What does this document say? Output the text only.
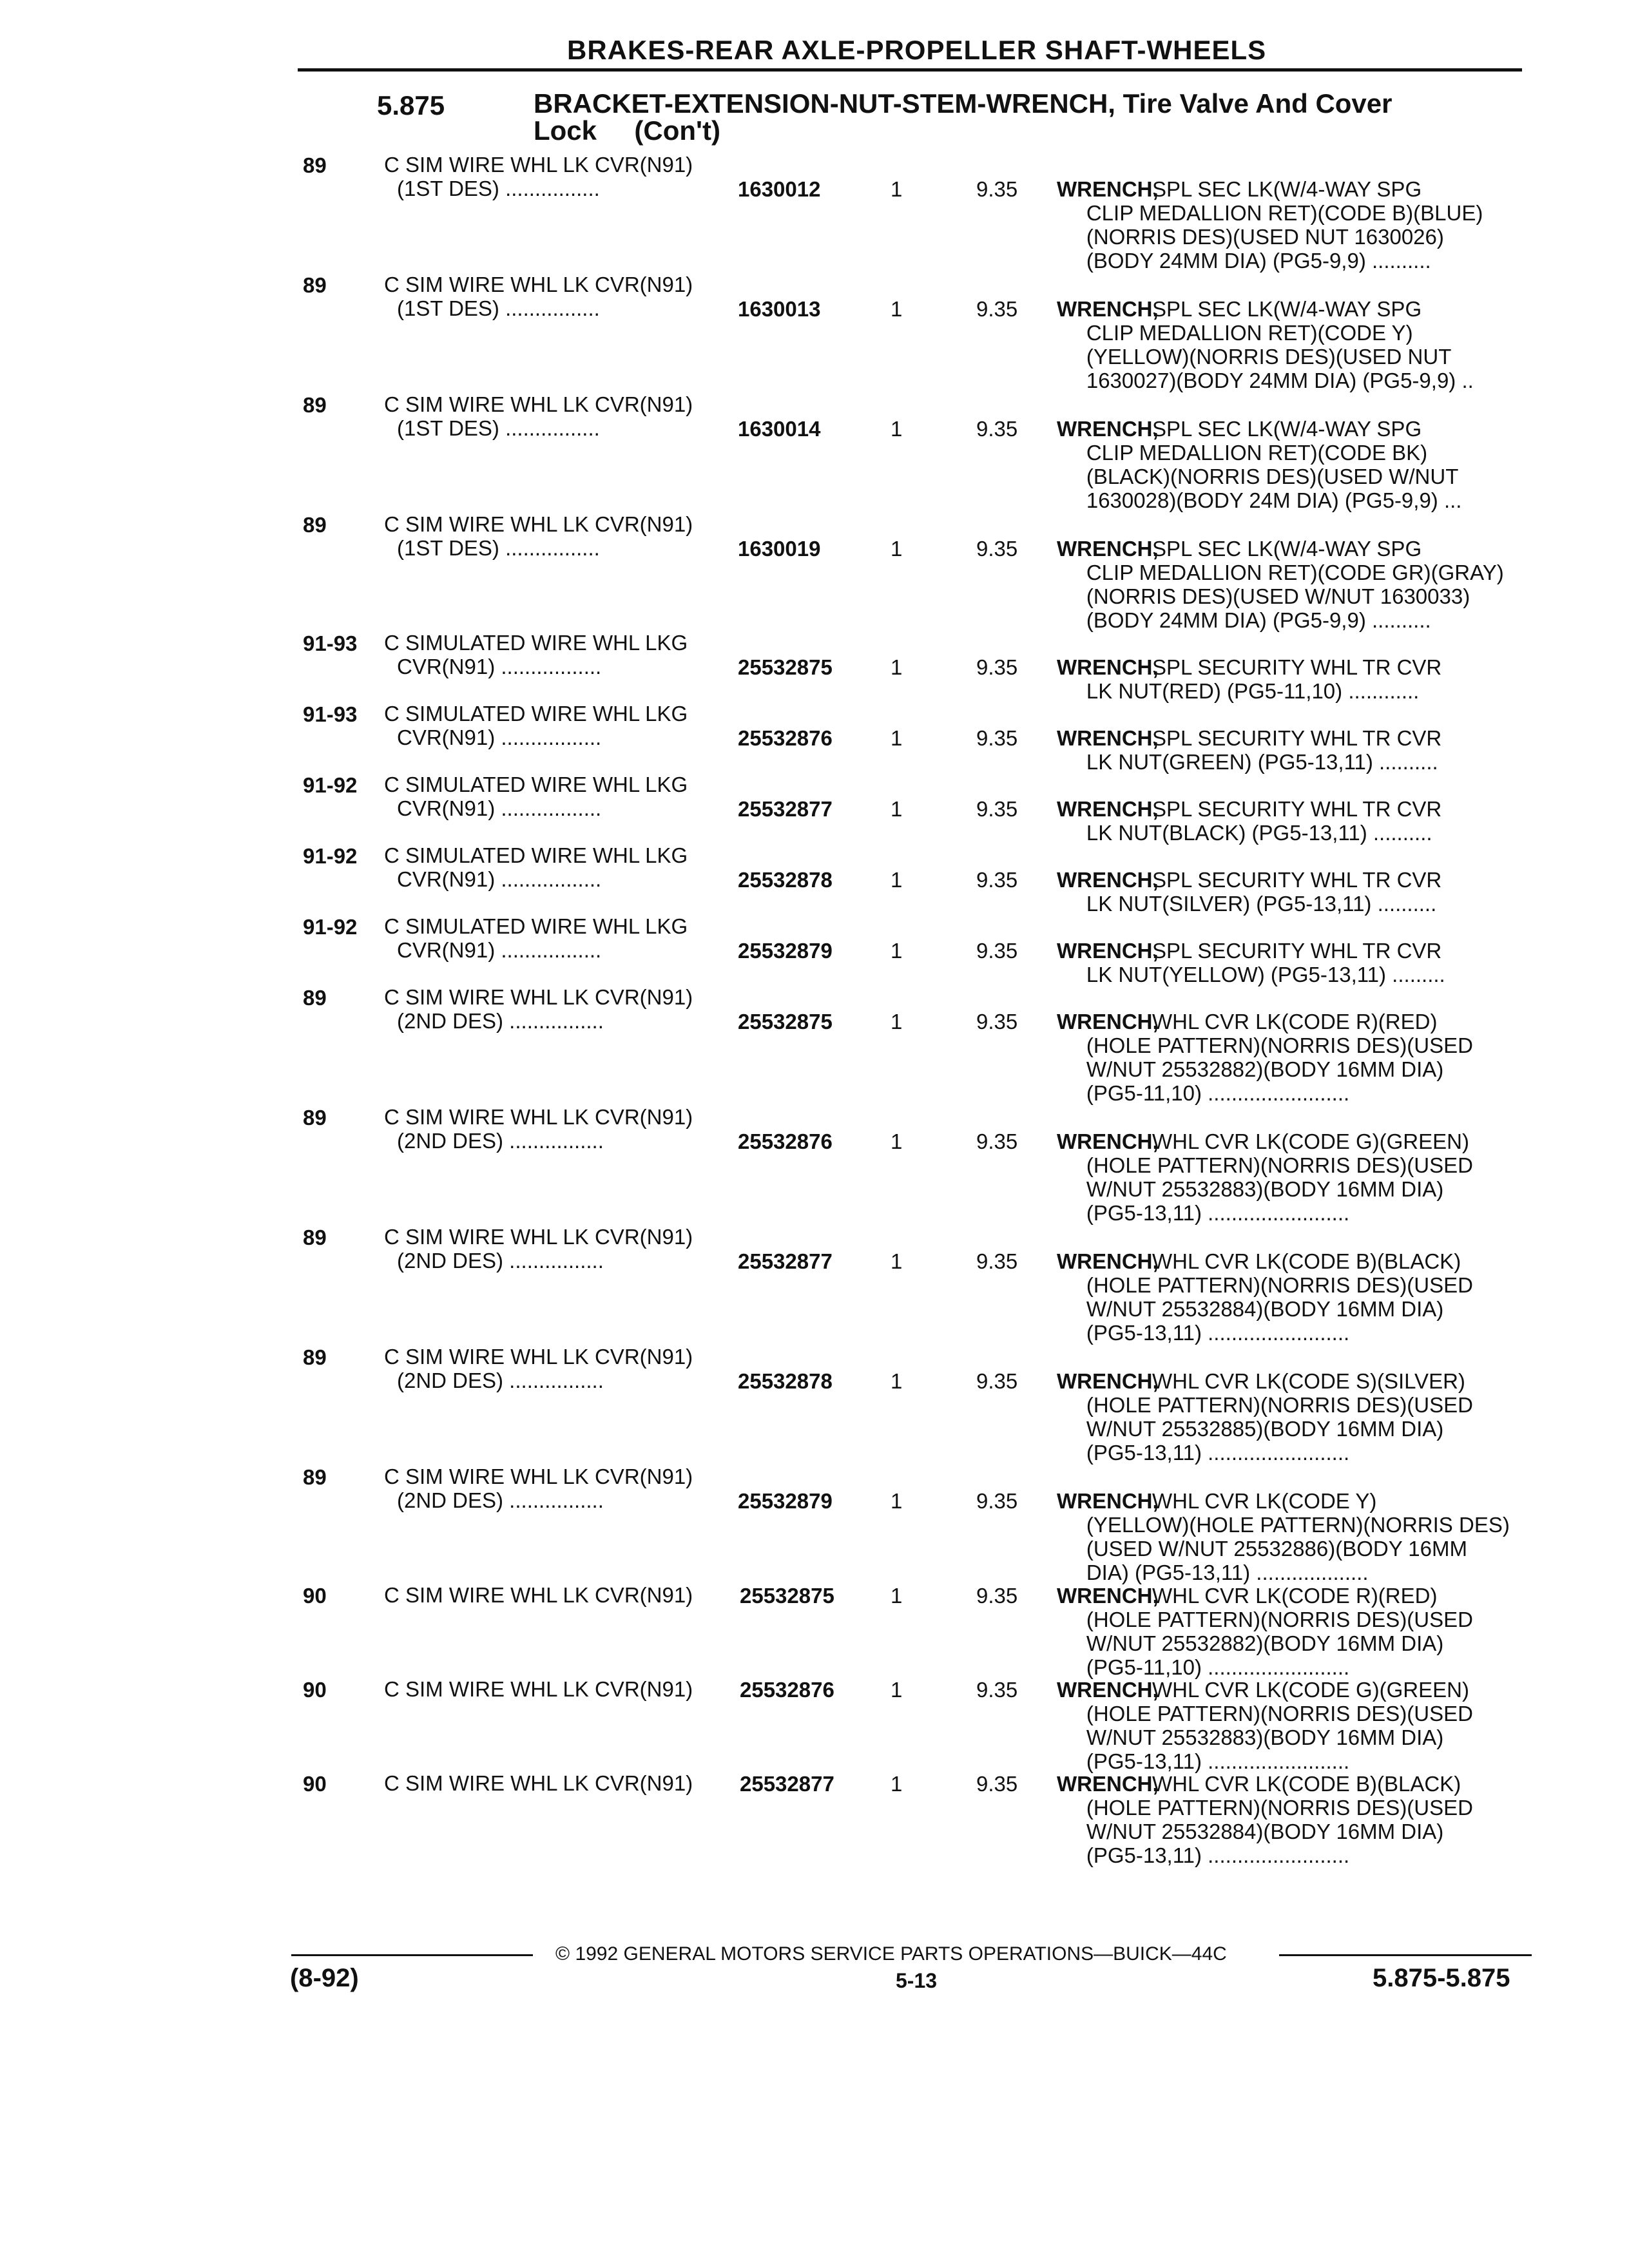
BRAKES-REAR AXLE-PROPELLER SHAFT-WHEELS
5.875	BRACKET-EXTENSION-NUT-STEM-WRENCH, Tire Valve And Cover
Lock     (Con't)
89	C SIM WIRE WHL LK CVR(N91)
(1ST DES) ................	1630012	1	9.35 WRENCH,
SPL SEC LK(W/4-WAY SPG
CLIP MEDALLION RET)(CODE B)(BLUE)
(NORRIS DES)(USED NUT 1630026)
(BODY 24MM DIA) (PG5-9,9) ..........
89	C SIM WIRE WHL LK CVR(N91)
(1ST DES) ................	1630013	1	9.35 WRENCH,
SPL SEC LK(W/4-WAY SPG
CLIP MEDALLION RET)(CODE Y)
(YELLOW)(NORRIS DES)(USED NUT
1630027)(BODY 24MM DIA) (PG5-9,9) ..
89	C SIM WIRE WHL LK CVR(N91)
(1ST DES) ................	1630014	1	9.35 WRENCH,
SPL SEC LK(W/4-WAY SPG
CLIP MEDALLION RET)(CODE BK)
(BLACK)(NORRIS DES)(USED W/NUT
1630028)(BODY 24M DIA) (PG5-9,9) ...
89	C SIM WIRE WHL LK CVR(N91)
(1ST DES) ................	1630019	1	9.35 WRENCH,
SPL SEC LK(W/4-WAY SPG
CLIP MEDALLION RET)(CODE GR)(GRAY)
(NORRIS DES)(USED W/NUT 1630033)
(BODY 24MM DIA) (PG5-9,9) ..........
91-93 C SIMULATED WIRE WHL LKG
CVR(N91) .................	25532875	1	9.35 WRENCH,
SPL SECURITY WHL TR CVR
LK NUT(RED) (PG5-11,10) ............
91-93 C SIMULATED WIRE WHL LKG
CVR(N91) .................	25532876	1	9.35 WRENCH,
SPL SECURITY WHL TR CVR
LK NUT(GREEN) (PG5-13,11) ..........
91-92 C SIMULATED WIRE WHL LKG
CVR(N91) .................	25532877	1	9.35 WRENCH,
SPL SECURITY WHL TR CVR
LK NUT(BLACK) (PG5-13,11) ..........
91-92 C SIMULATED WIRE WHL LKG
CVR(N91) .................	25532878	1	9.35 WRENCH,
SPL SECURITY WHL TR CVR
LK NUT(SILVER) (PG5-13,11) ..........
91-92 C SIMULATED WIRE WHL LKG
CVR(N91) .................	25532879	1	9.35 WRENCH,
SPL SECURITY WHL TR CVR
LK NUT(YELLOW) (PG5-13,11) .........
89	C SIM WIRE WHL LK CVR(N91)
(2ND DES) ................	25532875	1	9.35 WRENCH,
WHL CVR LK(CODE R)(RED)
(HOLE PATTERN)(NORRIS DES)(USED
W/NUT 25532882)(BODY 16MM DIA)
(PG5-11,10) ........................
89	C SIM WIRE WHL LK CVR(N91)
(2ND DES) ................	25532876	1	9.35 WRENCH,
WHL CVR LK(CODE G)(GREEN)
(HOLE PATTERN)(NORRIS DES)(USED
W/NUT 25532883)(BODY 16MM DIA)
(PG5-13,11) ........................
89	C SIM WIRE WHL LK CVR(N91)
(2ND DES) ................	25532877	1	9.35 WRENCH,
WHL CVR LK(CODE B)(BLACK)
(HOLE PATTERN)(NORRIS DES)(USED
W/NUT 25532884)(BODY 16MM DIA)
(PG5-13,11) ........................
89	C SIM WIRE WHL LK CVR(N91)
(2ND DES) ................	25532878	1	9.35 WRENCH,
WHL CVR LK(CODE S)(SILVER)
(HOLE PATTERN)(NORRIS DES)(USED
W/NUT 25532885)(BODY 16MM DIA)
(PG5-13,11) ........................
89	C SIM WIRE WHL LK CVR(N91)
(2ND DES) ................	25532879	1	9.35 WRENCH,
WHL CVR LK(CODE Y)
(YELLOW)(HOLE PATTERN)(NORRIS DES)
(USED W/NUT 25532886)(BODY 16MM
DIA) (PG5-13,11) ...................
90	C SIM WIRE WHL LK CVR(N91) 25532875	1	9.35 WRENCH,
WHL CVR LK(CODE R)(RED)
(HOLE PATTERN)(NORRIS DES)(USED
W/NUT 25532882)(BODY 16MM DIA)
(PG5-11,10) ........................
90	C SIM WIRE WHL LK CVR(N91) 25532876	1	9.35 WRENCH,
WHL CVR LK(CODE G)(GREEN)
(HOLE PATTERN)(NORRIS DES)(USED
W/NUT 25532883)(BODY 16MM DIA)
(PG5-13,11) ........................
90	C SIM WIRE WHL LK CVR(N91) 25532877	1	9.35 WRENCH,
WHL CVR LK(CODE B)(BLACK)
(HOLE PATTERN)(NORRIS DES)(USED
W/NUT 25532884)(BODY 16MM DIA)
(PG5-13,11) ........................
© 1992 GENERAL MOTORS SERVICE PARTS OPERATIONS—BUICK—44C
(8-92)	5-13	5.875-5.875
